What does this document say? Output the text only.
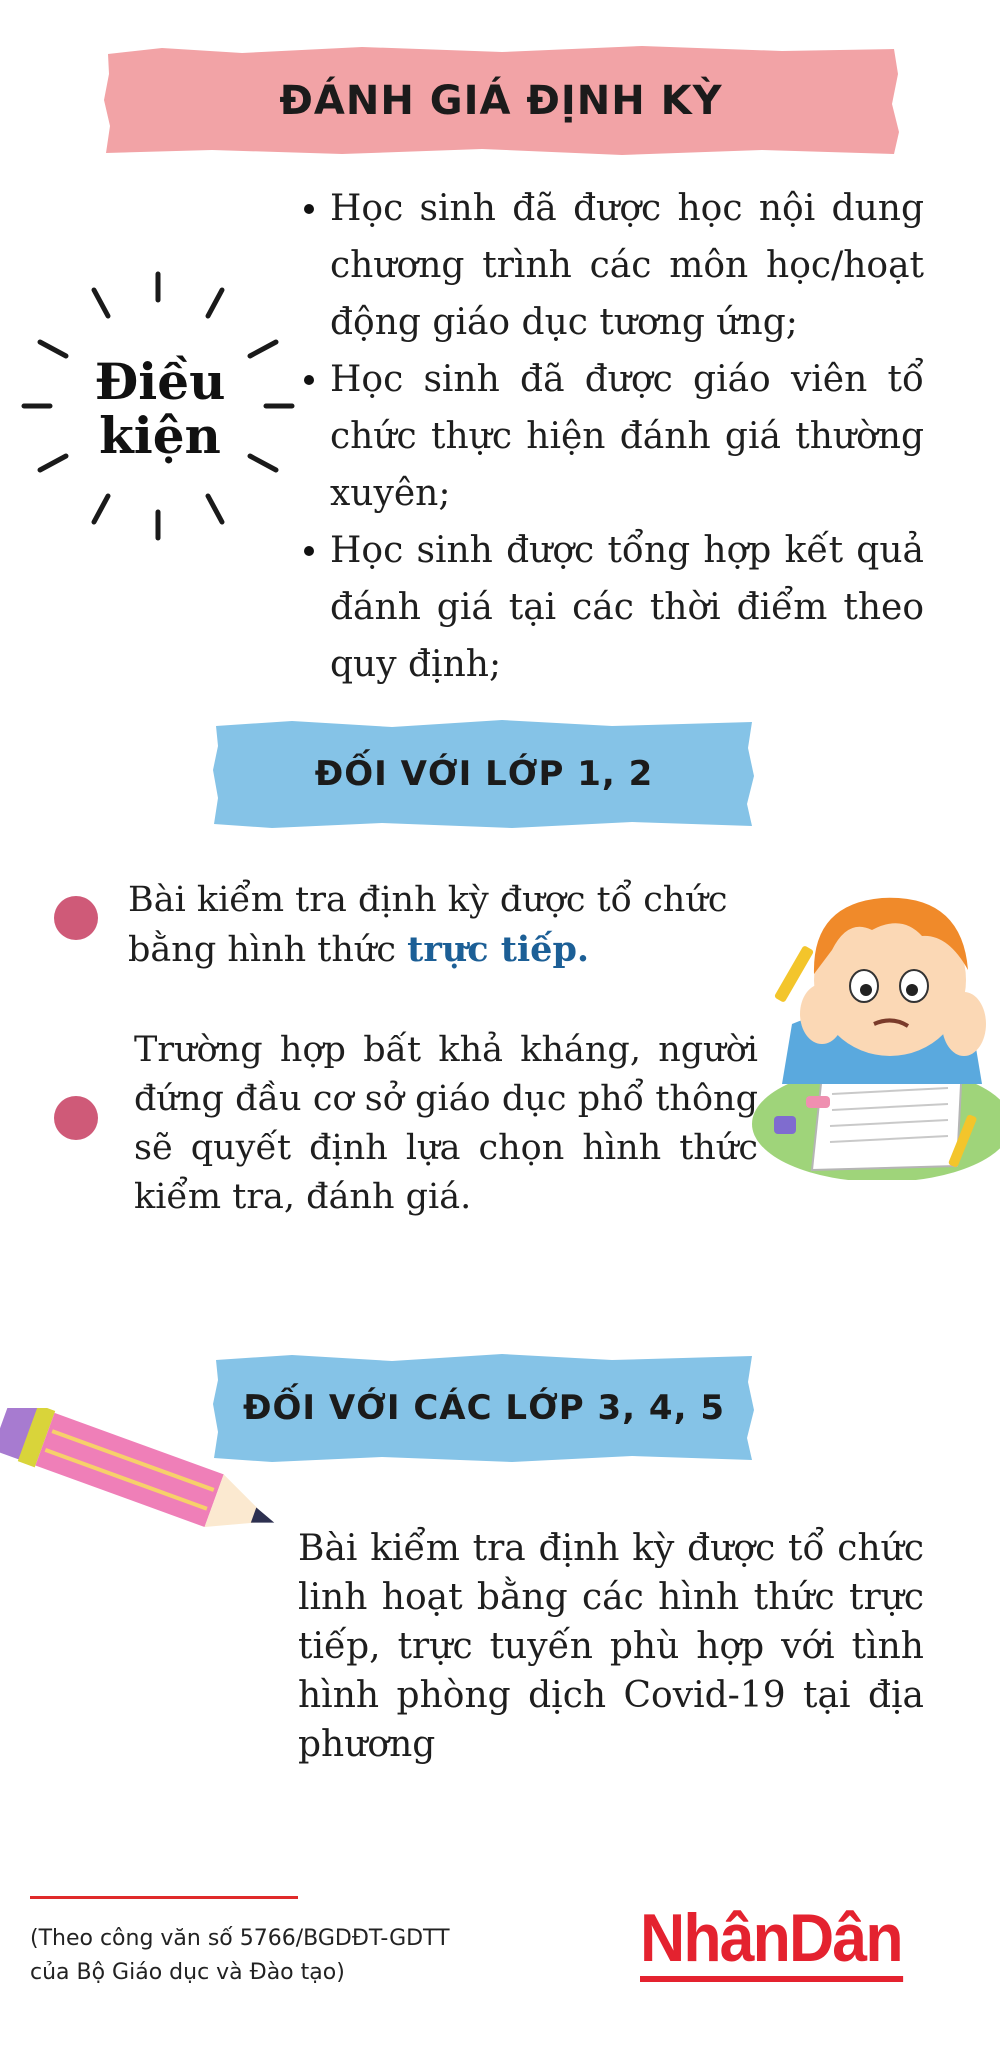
ĐÁNH GIÁ ĐỊNH KỲ
Điều kiện
Học sinh đã được học nội dung chương trình các môn học/hoạt động giáo dục tương ứng;
Học sinh đã được giáo viên tổ chức thực hiện đánh giá thường xuyên;
Học sinh được tổng hợp kết quả đánh giá tại các thời điểm theo quy định;
ĐỐI VỚI LỚP 1, 2
Bài kiểm tra định kỳ được tổ chức bằng hình thức trực tiếp.
Trường hợp bất khả kháng, người đứng đầu cơ sở giáo dục phổ thông sẽ quyết định lựa chọn hình thức kiểm tra, đánh giá.
ĐỐI VỚI CÁC LỚP 3, 4, 5
Bài kiểm tra định kỳ được tổ chức linh hoạt bằng các hình thức trực tiếp, trực tuyến phù hợp với tình hình phòng dịch Covid-19 tại địa phương
(Theo công văn số 5766/BGDĐT-GDTT
của Bộ Giáo dục và Đào tạo)	NhânDân
